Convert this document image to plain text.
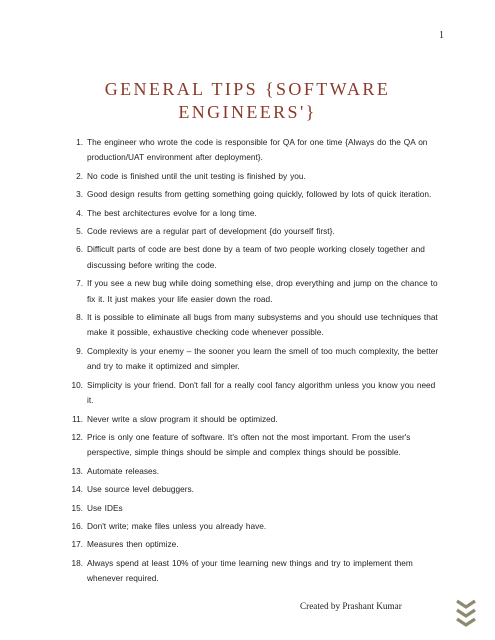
1
GENERAL TIPS {SOFTWARE ENGINEERS'}
1. The engineer who wrote the code is responsible for QA for one time {Always do the QA on production/UAT environment after deployment}.
2. No code is finished until the unit testing is finished by you.
3. Good design results from getting something going quickly, followed by lots of quick iteration.
4. The best architectures evolve for a long time.
5. Code reviews are a regular part of development {do yourself first}.
6. Difficult parts of code are best done by a team of two people working closely together and discussing before writing the code.
7. If you see a new bug while doing something else, drop everything and jump on the chance to fix it. It just makes your life easier down the road.
8. It is possible to eliminate all bugs from many subsystems and you should use techniques that make it possible, exhaustive checking code whenever possible.
9. Complexity is your enemy – the sooner you learn the smell of too much complexity, the better and try to make it optimized and simpler.
10. Simplicity is your friend. Don't fall for a really cool fancy algorithm unless you know you need it.
11. Never write a slow program it should be optimized.
12. Price is only one feature of software. It's often not the most important. From the user's perspective, simple things should be simple and complex things should be possible.
13. Automate releases.
14. Use source level debuggers.
15. Use IDEs
16. Don't write; make files unless you already have.
17. Measures then optimize.
18. Always spend at least 10% of your time learning new things and try to implement them whenever required.
Created by Prashant Kumar
